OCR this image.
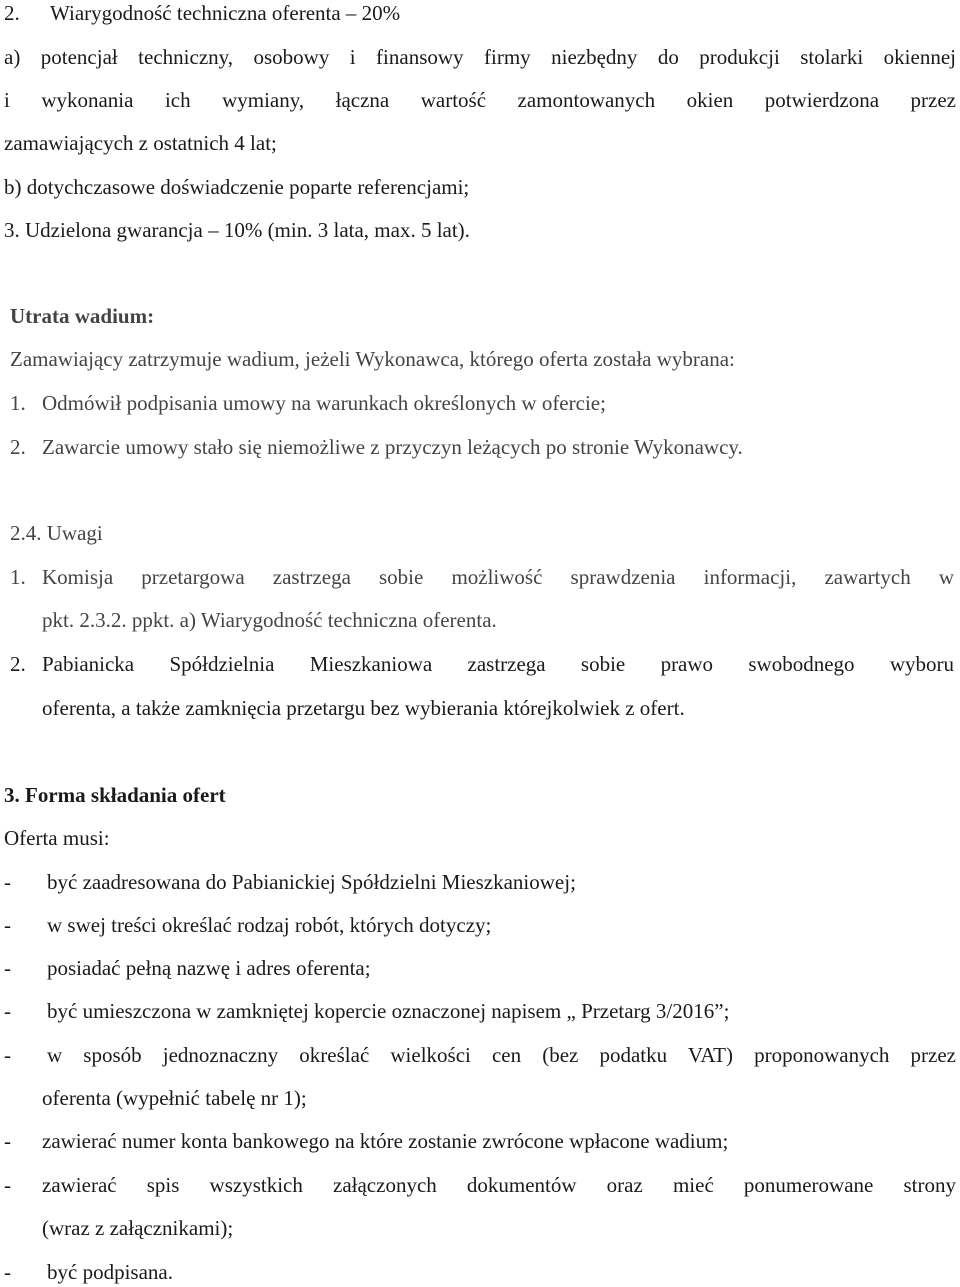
2. Wiarygodność techniczna oferenta – 20%
a) potencjał techniczny, osobowy i finansowy firmy niezbędny do produkcji stolarki okiennej
i wykonania ich wymiany, łączna wartość zamontowanych okien potwierdzona przez
zamawiających z ostatnich 4 lat;
b) dotychczasowe doświadczenie poparte referencjami;
3. Udzielona gwarancja – 10% (min. 3 lata, max. 5 lat).
Utrata wadium:
Zamawiający zatrzymuje wadium, jeżeli Wykonawca, którego oferta została wybrana:
1. Odmówił podpisania umowy na warunkach określonych w ofercie;
2. Zawarcie umowy stało się niemożliwe z przyczyn leżących po stronie Wykonawcy.
2.4. Uwagi
1. Komisja przetargowa zastrzega sobie możliwość sprawdzenia informacji, zawartych w
pkt. 2.3.2. ppkt. a) Wiarygodność techniczna oferenta.
2. Pabianicka Spółdzielnia Mieszkaniowa zastrzega sobie prawo swobodnego wyboru
oferenta, a także zamknięcia przetargu bez wybierania którejkolwiek z ofert.
3. Forma składania ofert
Oferta musi:
- być zaadresowana do Pabianickiej Spółdzielni Mieszkaniowej;
- w swej treści określać rodzaj robót, których dotyczy;
- posiadać pełną nazwę i adres oferenta;
- być umieszczona w zamkniętej kopercie oznaczonej napisem „ Przetarg 3/2016”;
- w sposób jednoznaczny określać wielkości cen (bez podatku VAT) proponowanych przez
oferenta (wypełnić tabelę nr 1);
- zawierać numer konta bankowego na które zostanie zwrócone wpłacone wadium;
- zawierać spis wszystkich załączonych dokumentów oraz mieć ponumerowane strony
(wraz z załącznikami);
- być podpisana.
